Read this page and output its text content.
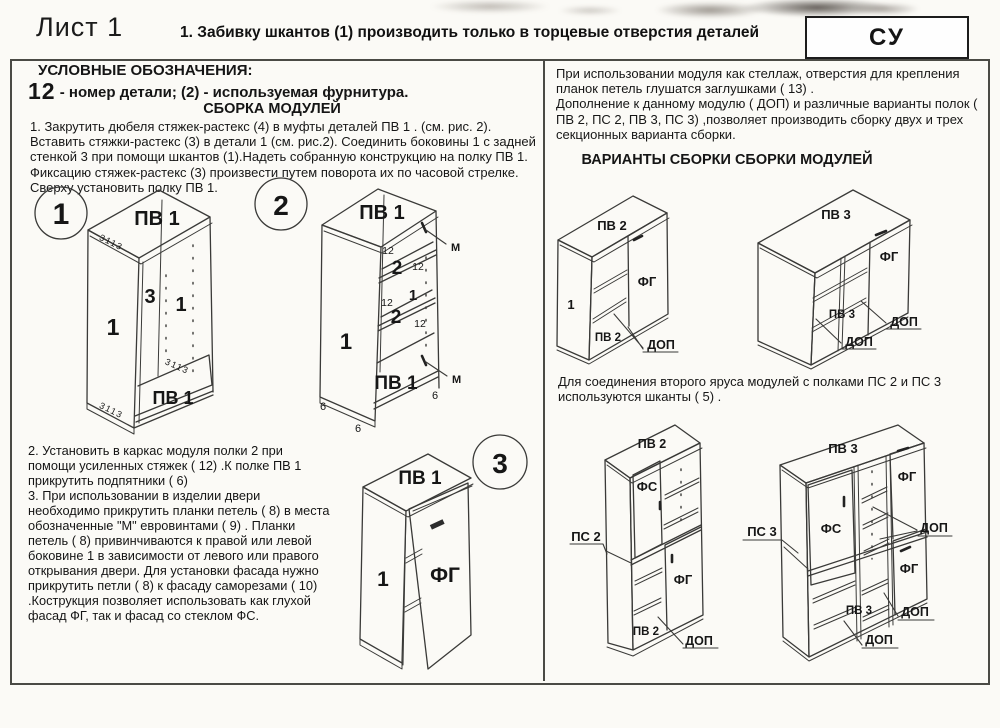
Лист 1	1. Забивку шкантов (1) производить только в торцевые отверстия деталей	СУ
УСЛОВНЫЕ ОБОЗНАЧЕНИЯ:
12 - номер детали; (2) - используемая фурнитура.
СБОРКА МОДУЛЕЙ
1. Закрутить дюбеля стяжек-растекс (4) в муфты деталей ПВ 1 . (см. рис. 2). Вставить стяжки-растекс (3) в детали 1 (см. рис.2). Соединить боковины 1 с задней стенкой 3 при помощи шкантов (1).Надеть собранную конструкцию на полку ПВ 1. Фиксацию стяжек-растекс (3) произвести путем поворота их по часовой стрелке. Сверху установить полку ПВ 1.

2. Установить в каркас модуля полки 2 при помощи усиленных стяжек ( 12) .К полке ПВ 1 прикрутить подпятники ( 6)

3. При использовании в изделии двери необходимо прикрутить планки петель ( 8) в места обозначенные "М" евровинтами ( 9) . Планки петель ( 8) привинчиваются к правой или левой боковине 1 в зависимости от левого или правого открывания двери. Для установки фасада нужно прикрутить петли ( 8) к фасаду саморезами ( 10) .Кострукция позволяет использовать как глухой фасад ФГ, так и фасад со стеклом ФС.

При использовании модуля как стеллаж, отверстия для крепления планок петель глушатся заглушками ( 13) .

Дополнение к данному модулю ( ДОП) и различные варианты полок ( ПВ 2, ПС 2, ПВ 3, ПС 3) ,позволяет производить сборку двух и трех секционных варианта сборки.

ВАРИАНТЫ СБОРКИ СБОРКИ МОДУЛЕЙ
Для соединения второго яруса модулей с полками ПС 2 и ПС 3 используются шканты ( 5) .
1	ПВ 1
1
3 1
ПВ 1
3113
3113
3113
2	ПВ 1
1
2
2
12
12
12
12
1
ПВ 1
М
М
6
6
6
3
ПВ 1
1 ФГ
ПВ 2
1
ФГ
ПВ 2 ДОП
ПВ 3
ФГ
ПВ 3	ДОП
ДОП
ПВ 2
ФС
ПС 2
ФГ
ПВ 2
ДОП
ПВ 3
ФС
ПС 3
ФГ
ФГ
ПВ 3
ДОП
ДОП
ДОП
